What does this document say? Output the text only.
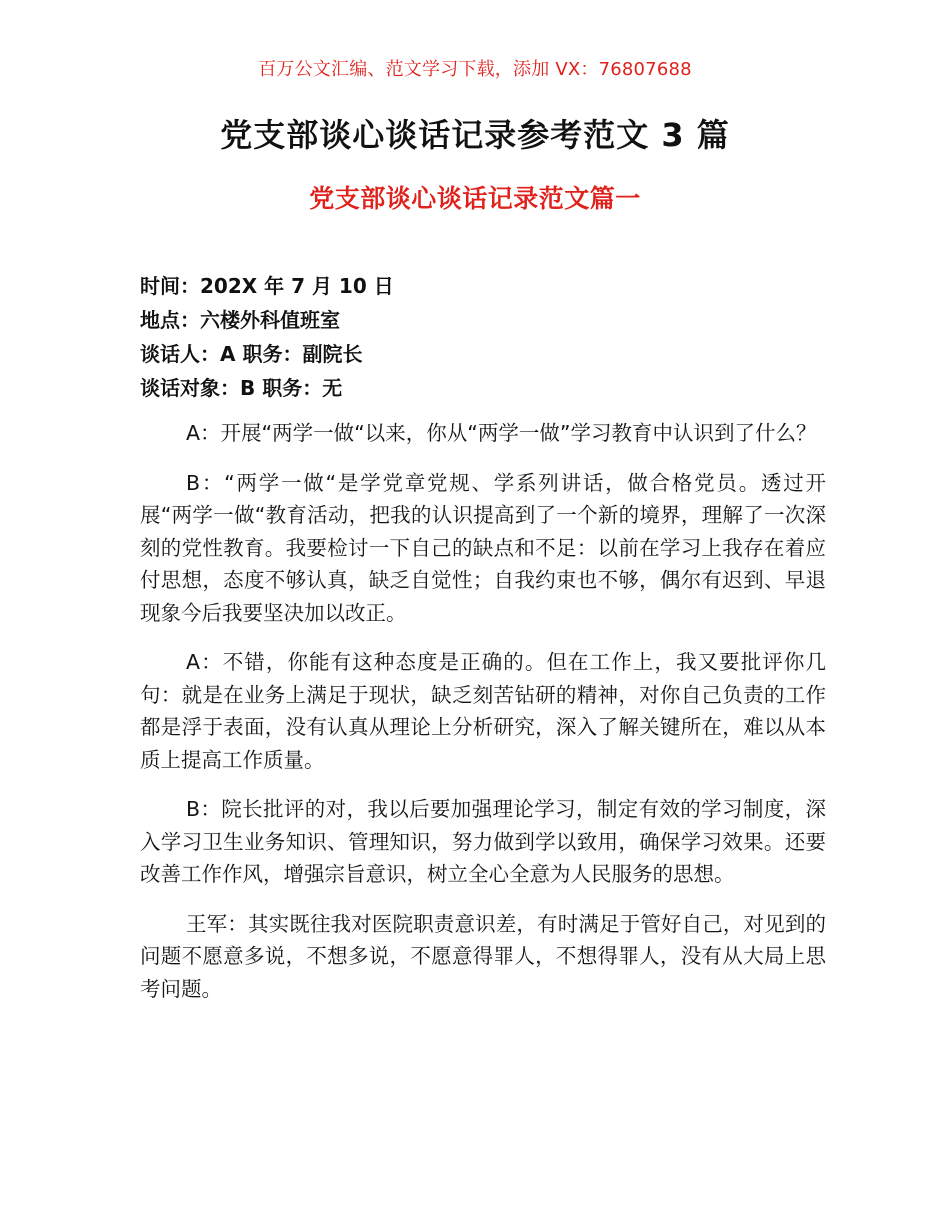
百万公文汇编、范文学习下载，添加 VX：76807688
党支部谈心谈话记录参考范文 3 篇
党支部谈心谈话记录范文篇一
时间：202X 年 7 月 10 日
地点：六楼外科值班室
谈话人：A 职务：副院长
谈话对象：B 职务：无

A：开展“两学一做“以来，你从“两学一做”学习教育中认识到了什么？

B：“两学一做“是学党章党规、学系列讲话，做合格党员。透过开展“两学一做“教育活动，把我的认识提高到了一个新的境界，理解了一次深刻的党性教育。我要检讨一下自己的缺点和不足：以前在学习上我存在着应付思想，态度不够认真，缺乏自觉性；自我约束也不够，偶尔有迟到、早退现象今后我要坚决加以改正。

A：不错，你能有这种态度是正确的。但在工作上，我又要批评你几句：就是在业务上满足于现状，缺乏刻苦钻研的精神，对你自己负责的工作都是浮于表面，没有认真从理论上分析研究，深入了解关键所在，难以从本质上提高工作质量。

B：院长批评的对，我以后要加强理论学习，制定有效的学习制度，深入学习卫生业务知识、管理知识，努力做到学以致用，确保学习效果。还要改善工作作风，增强宗旨意识，树立全心全意为人民服务的思想。

王军：其实既往我对医院职责意识差，有时满足于管好自己，对见到的问题不愿意多说，不想多说，不愿意得罪人，不想得罪人，没有从大局上思考问题。
